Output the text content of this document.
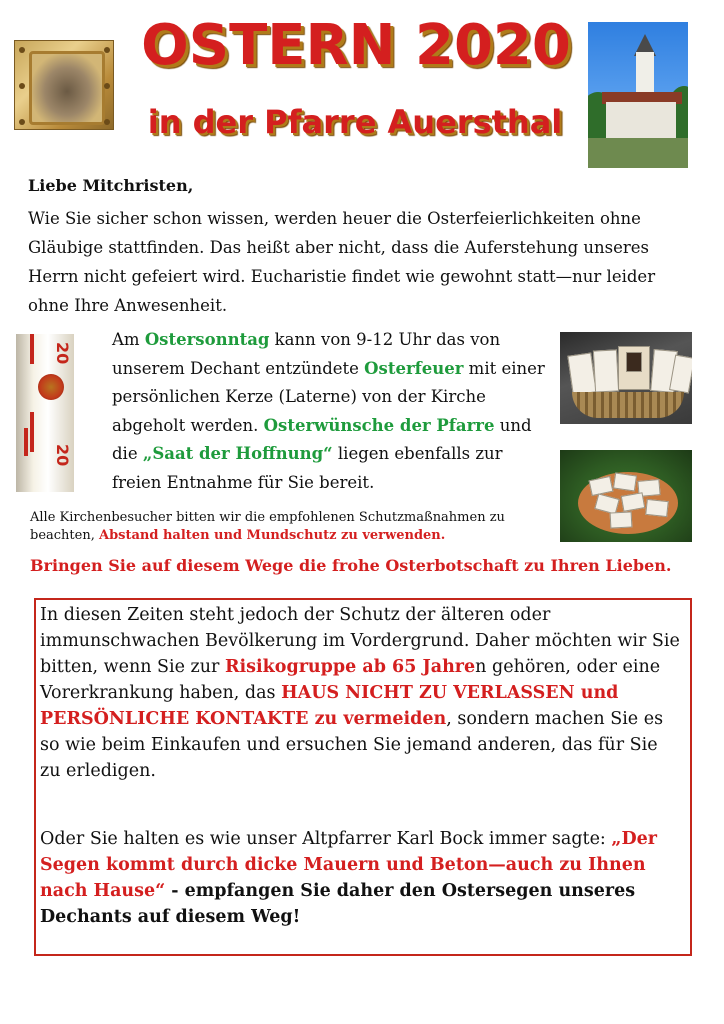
OSTERN 2020
in der Pfarre Auersthal
Liebe Mitchristen,
Wie Sie sicher schon wissen, werden heuer die Osterfeierlichkeiten ohne Gläubige stattfinden. Das heißt aber nicht, dass die Auferstehung unseres Herrn nicht gefeiert wird. Eucharistie findet wie gewohnt statt—nur leider ohne Ihre Anwesenheit.
20
20
Am Ostersonntag kann von 9-12 Uhr das von unserem Dechant entzündete Osterfeuer mit einer persönlichen Kerze (Laterne) von der Kirche abgeholt werden. Osterwünsche der Pfarre und die „Saat der Hoffnung“ liegen ebenfalls zur freien Entnahme für Sie bereit.
Alle Kirchenbesucher bitten wir die empfohlenen Schutzmaßnahmen zu beachten, Abstand halten und Mundschutz zu verwenden.
Bringen Sie auf diesem Wege die frohe Osterbotschaft zu Ihren Lieben.
In diesen Zeiten steht jedoch der Schutz der älteren oder immunschwachen Bevölkerung im Vordergrund. Daher möchten wir Sie bitten, wenn Sie zur Risikogruppe ab 65 Jahren gehören, oder eine Vorerkrankung haben, das HAUS NICHT ZU VERLASSEN und PERSÖNLICHE KONTAKTE zu vermeiden, sondern machen Sie es so wie beim Einkaufen und ersuchen Sie jemand anderen, das für Sie zu erledigen.
Oder Sie halten es wie unser Altpfarrer Karl Bock immer sagte: „Der Segen kommt durch dicke Mauern und Beton—auch zu Ihnen nach Hause“ - empfangen Sie daher den Ostersegen unseres Dechants auf diesem Weg!
